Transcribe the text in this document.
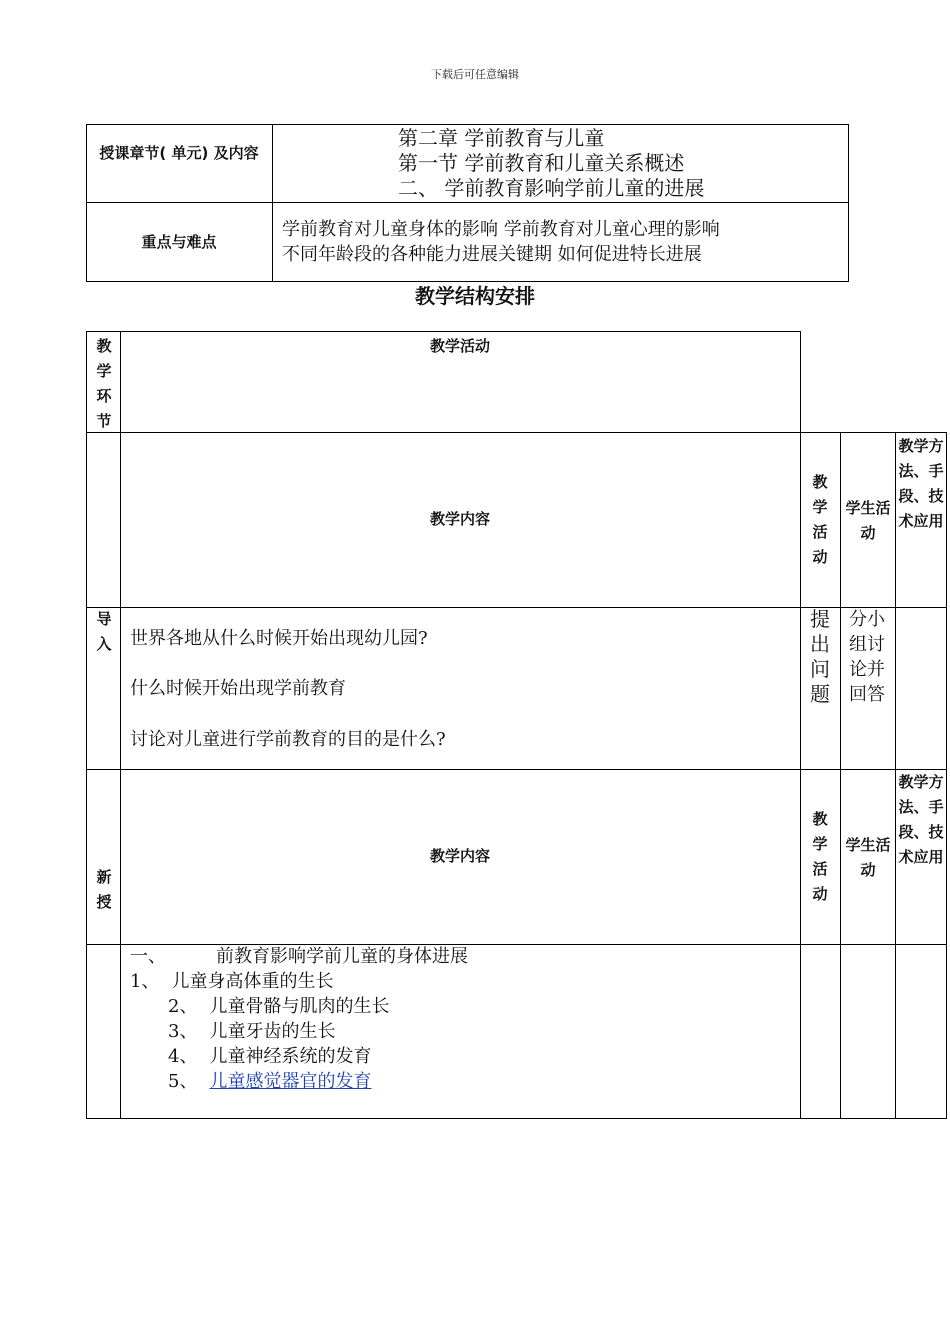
下载后可任意编辑
授课章节( 单元) 及内容
第二章 学前教育与儿童
第一节 学前教育和儿童关系概述
二、 学前教育影响学前儿童的进展
重点与难点
学前教育对儿童身体的影响 学前教育对儿童心理的影响
不同年龄段的各种能力进展关键期 如何促进特长进展
教学结构安排
教
学
环
节
教学活动
教学内容
教
学
活
动
学生活动
教学方法、手段、技术应用
导
入 世界各地从什么时候开始出现幼儿园?
什么时候开始出现学前教育
讨论对儿童进行学前教育的目的是什么?
提
出
问
题
分小组讨论并回答
新
授
教学内容
教
学
活
动
学生活动
教学方法、手段、技术应用
一、	前教育影响学前儿童的身体进展
1、 儿童身高体重的生长
2、 儿童骨骼与肌肉的生长
3、 儿童牙齿的生长
4、 儿童神经系统的发育
5、 儿童感觉器官的发育
